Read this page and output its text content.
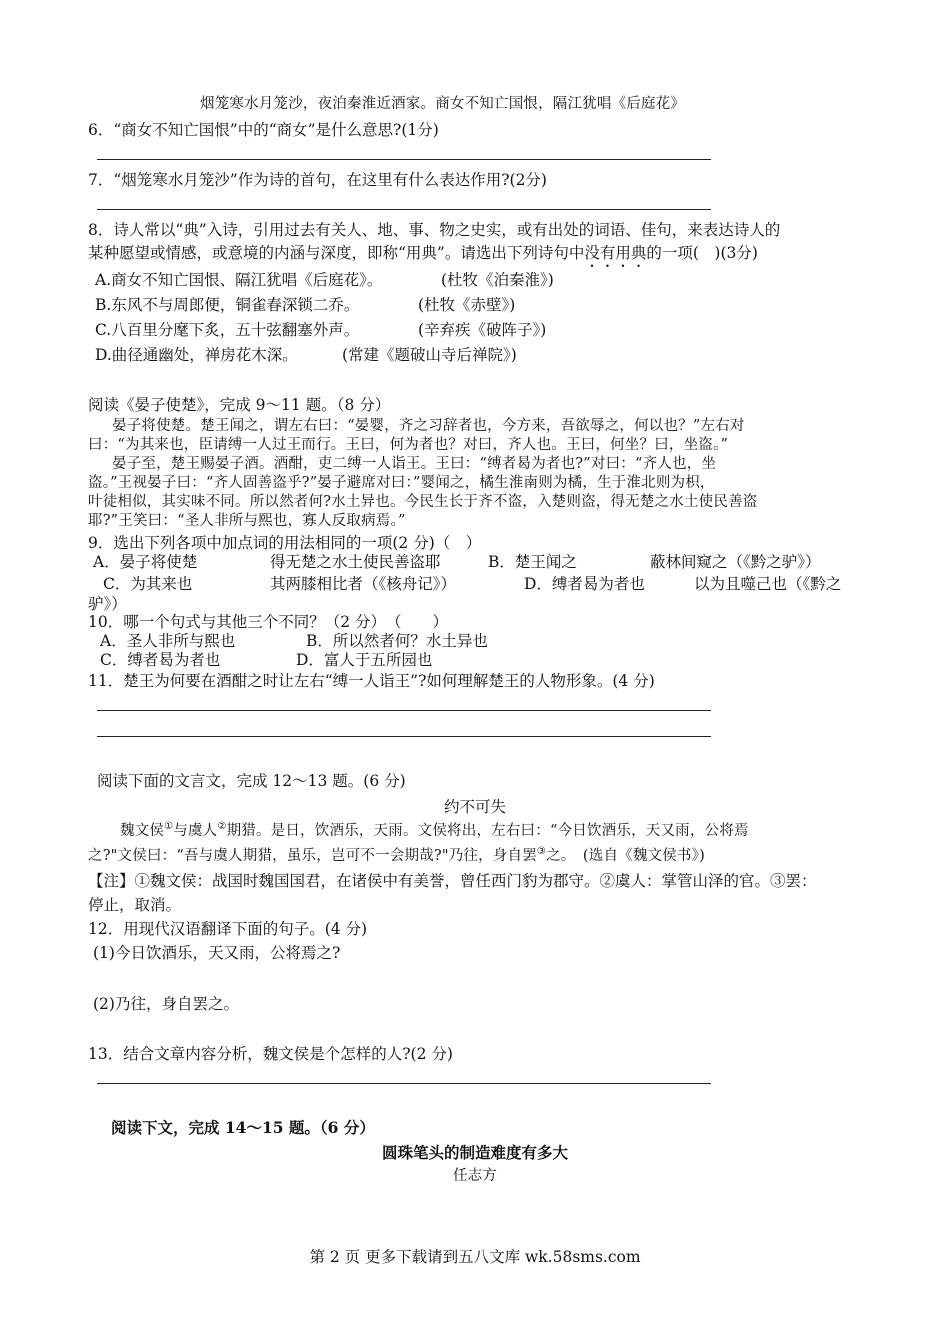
烟笼寒水月笼沙，夜泊秦淮近酒家。商女不知亡国恨，隔江犹唱《后庭花》
6．“商女不知亡国恨”中的“商女”是什么意思?(1分)
7．“烟笼寒水月笼沙”作为诗的首句，在这里有什么表达作用?(2分)
8．诗人常以“典”入诗，引用过去有关人、地、事、物之史实，或有出处的词语、佳句，来表达诗人的
某种愿望或情感，或意境的内涵与深度，即称“用典”。请选出下列诗句中没有用典的一项(　)(3分)
A.商女不知亡国恨、隔江犹唱《后庭花》。	(杜牧《泊秦淮》)
B.东风不与周郎便，铜雀春深锁二乔。	(杜牧《赤壁》)
C.八百里分麾下炙，五十弦翻塞外声。	(辛弃疾《破阵子》)
D.曲径通幽处，禅房花木深。	(常建《题破山寺后禅院》)
阅读《晏子使楚》，完成 9～11 题。（8 分）
晏子将使楚。楚王闻之，谓左右曰：“晏婴，齐之习辞者也，今方来，吾欲辱之，何以也？”左右对
曰：“为其来也，臣请缚一人过王而行。王曰，何为者也？对曰，齐人也。王曰，何坐？曰，坐盗。”
晏子至，楚王赐晏子酒。酒酣，吏二缚一人诣王。王曰：“缚者曷为者也?”对曰：“齐人也，坐
盗。”王视晏子曰：“齐人固善盗乎?”晏子避席对曰：”婴闻之，橘生淮南则为橘，生于淮北则为枳，
叶徒相似，其实味不同。所以然者何?水土异也。今民生长于齐不盗，入楚则盗，得无楚之水土使民善盗
耶?”王笑曰：“圣人非所与熙也，寡人反取病焉。”
9．选出下列各项中加点词的用法相同的一项(2 分)（　）
A．晏子将使楚	得无楚之水土使民善盗耶	B．楚王闻之	蔽林间窥之（《黔之驴》）
C．为其来也	其两膝相比者（《核舟记》）	D．缚者曷为者也	以为且噬己也（《黔之
驴》）
10．哪一个句式与其他三个不同？（2 分）　（　　）
A．圣人非所与熙也	B．所以然者何？水土异也
C．缚者曷为者也	D．富人于五所园也
11．楚王为何要在酒酣之时让左右“缚一人诣王”?如何理解楚王的人物形象。(4 分)
阅读下面的文言文，完成 12～13 题。(6 分)
约不可失
魏文侯①与虞人②期猎。是日，饮酒乐，天雨。文侯将出，左右曰：“今日饮酒乐，天又雨，公将焉
之?"文侯曰：“吾与虞人期猎，虽乐，岂可不一会期哉?"乃往，身自罢③之。　(选自《魏文侯书》)
【注】①魏文侯：战国时魏国国君，在诸侯中有美誉，曾任西门豹为郡守。②虞人：掌管山泽的官。③罢：
停止，取消。
12．用现代汉语翻译下面的句子。(4 分)
(1)今日饮酒乐，天又雨，公将焉之?
(2)乃往，身自罢之。
13．结合文章内容分析，魏文侯是个怎样的人?(2 分)
阅读下文，完成 14～15 题。（6 分）
圆珠笔头的制造难度有多大
任志方
第 2 页 更多下载请到五八文库 wk.58sms.com
